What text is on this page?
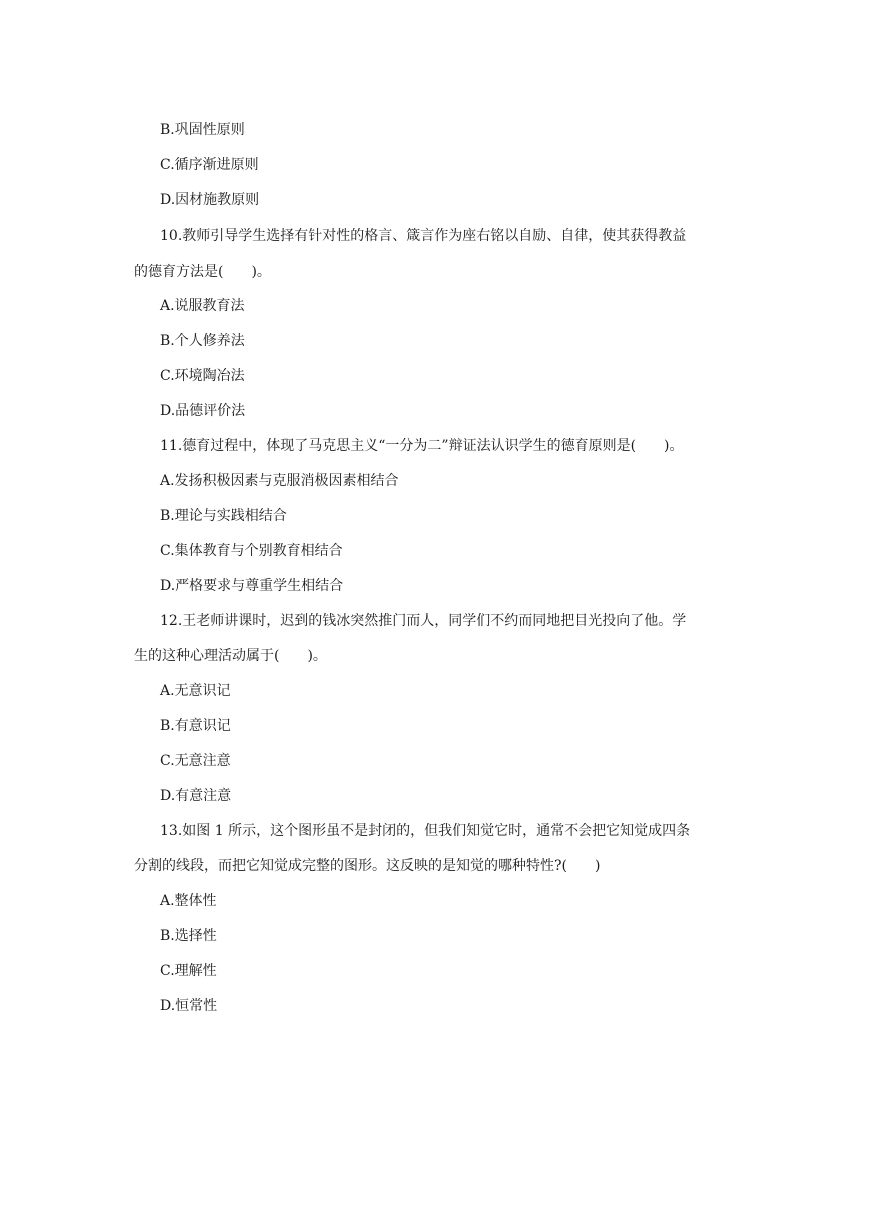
B.巩固性原则
C.循序渐进原则
D.因材施教原则
10.教师引导学生选择有针对性的格言、箴言作为座右铭以自励、自律，使其获得教益
的德育方法是(　　)。
A.说服教育法
B.个人修养法
C.环境陶冶法
D.品德评价法
11.德育过程中，体现了马克思主义“一分为二”辩证法认识学生的德育原则是(　　)。
A.发扬积极因素与克服消极因素相结合
B.理论与实践相结合
C.集体教育与个别教育相结合
D.严格要求与尊重学生相结合
12.王老师讲课时，迟到的钱冰突然推门而人，同学们不约而同地把目光投向了他。学
生的这种心理活动属于(　　)。
A.无意识记
B.有意识记
C.无意注意
D.有意注意
13.如图 1 所示，这个图形虽不是封闭的，但我们知觉它时，通常不会把它知觉成四条
分割的线段，而把它知觉成完整的图形。这反映的是知觉的哪种特性?(　　)
A.整体性
B.选择性
C.理解性
D.恒常性
